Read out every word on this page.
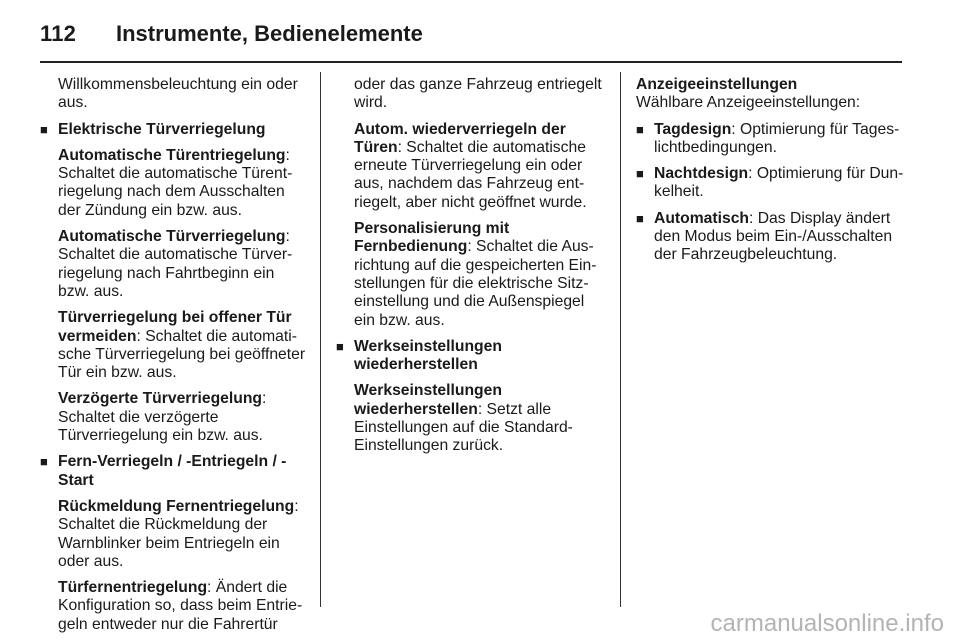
112 Instrumente, Bedienelemente

Willkommensbeleuchtung ein oder aus.

■ Elektrische Türverriegelung

Automatische Türentriegelung: Schaltet die automatische Türentriegelung nach dem Ausschalten der Zündung ein bzw. aus.

Automatische Türverriegelung: Schaltet die automatische Türverriegelung nach Fahrtbeginn ein bzw. aus.

Türverriegelung bei offener Tür vermeiden: Schaltet die automatische Türverriegelung bei geöffneter Tür ein bzw. aus.

Verzögerte Türverriegelung: Schaltet die verzögerte Türverriegelung ein bzw. aus.

■ Fern-Verriegeln / -Entriegeln / -Start

Rückmeldung Fernentriegelung: Schaltet die Rückmeldung der Warnblinker beim Entriegeln ein oder aus.

Türfernentriegelung: Ändert die Konfiguration so, dass beim Entriegeln entweder nur die Fahrertür

oder das ganze Fahrzeug entriegelt wird.

Autom. wiederverriegeln der Türen: Schaltet die automatische erneute Türverriegelung ein oder aus, nachdem das Fahrzeug entriegelt, aber nicht geöffnet wurde.

Personalisierung mit Fernbedienung: Schaltet die Ausrichtung auf die gespeicherten Einstellungen für die elektrische Sitzeinstellung und die Außenspiegel ein bzw. aus.

■ Werkseinstellungen wiederherstellen

Werkseinstellungen wiederherstellen: Setzt alle Einstellungen auf die Standard-Einstellungen zurück.

Anzeigeeinstellungen

Wählbare Anzeigeeinstellungen:

■ Tagdesign: Optimierung für Tageslichtbedingungen.
■ Nachtdesign: Optimierung für Dunkelheit.
■ Automatisch: Das Display ändert den Modus beim Ein-/Ausschalten der Fahrzeugbeleuchtung.
carmanualsonline.info
